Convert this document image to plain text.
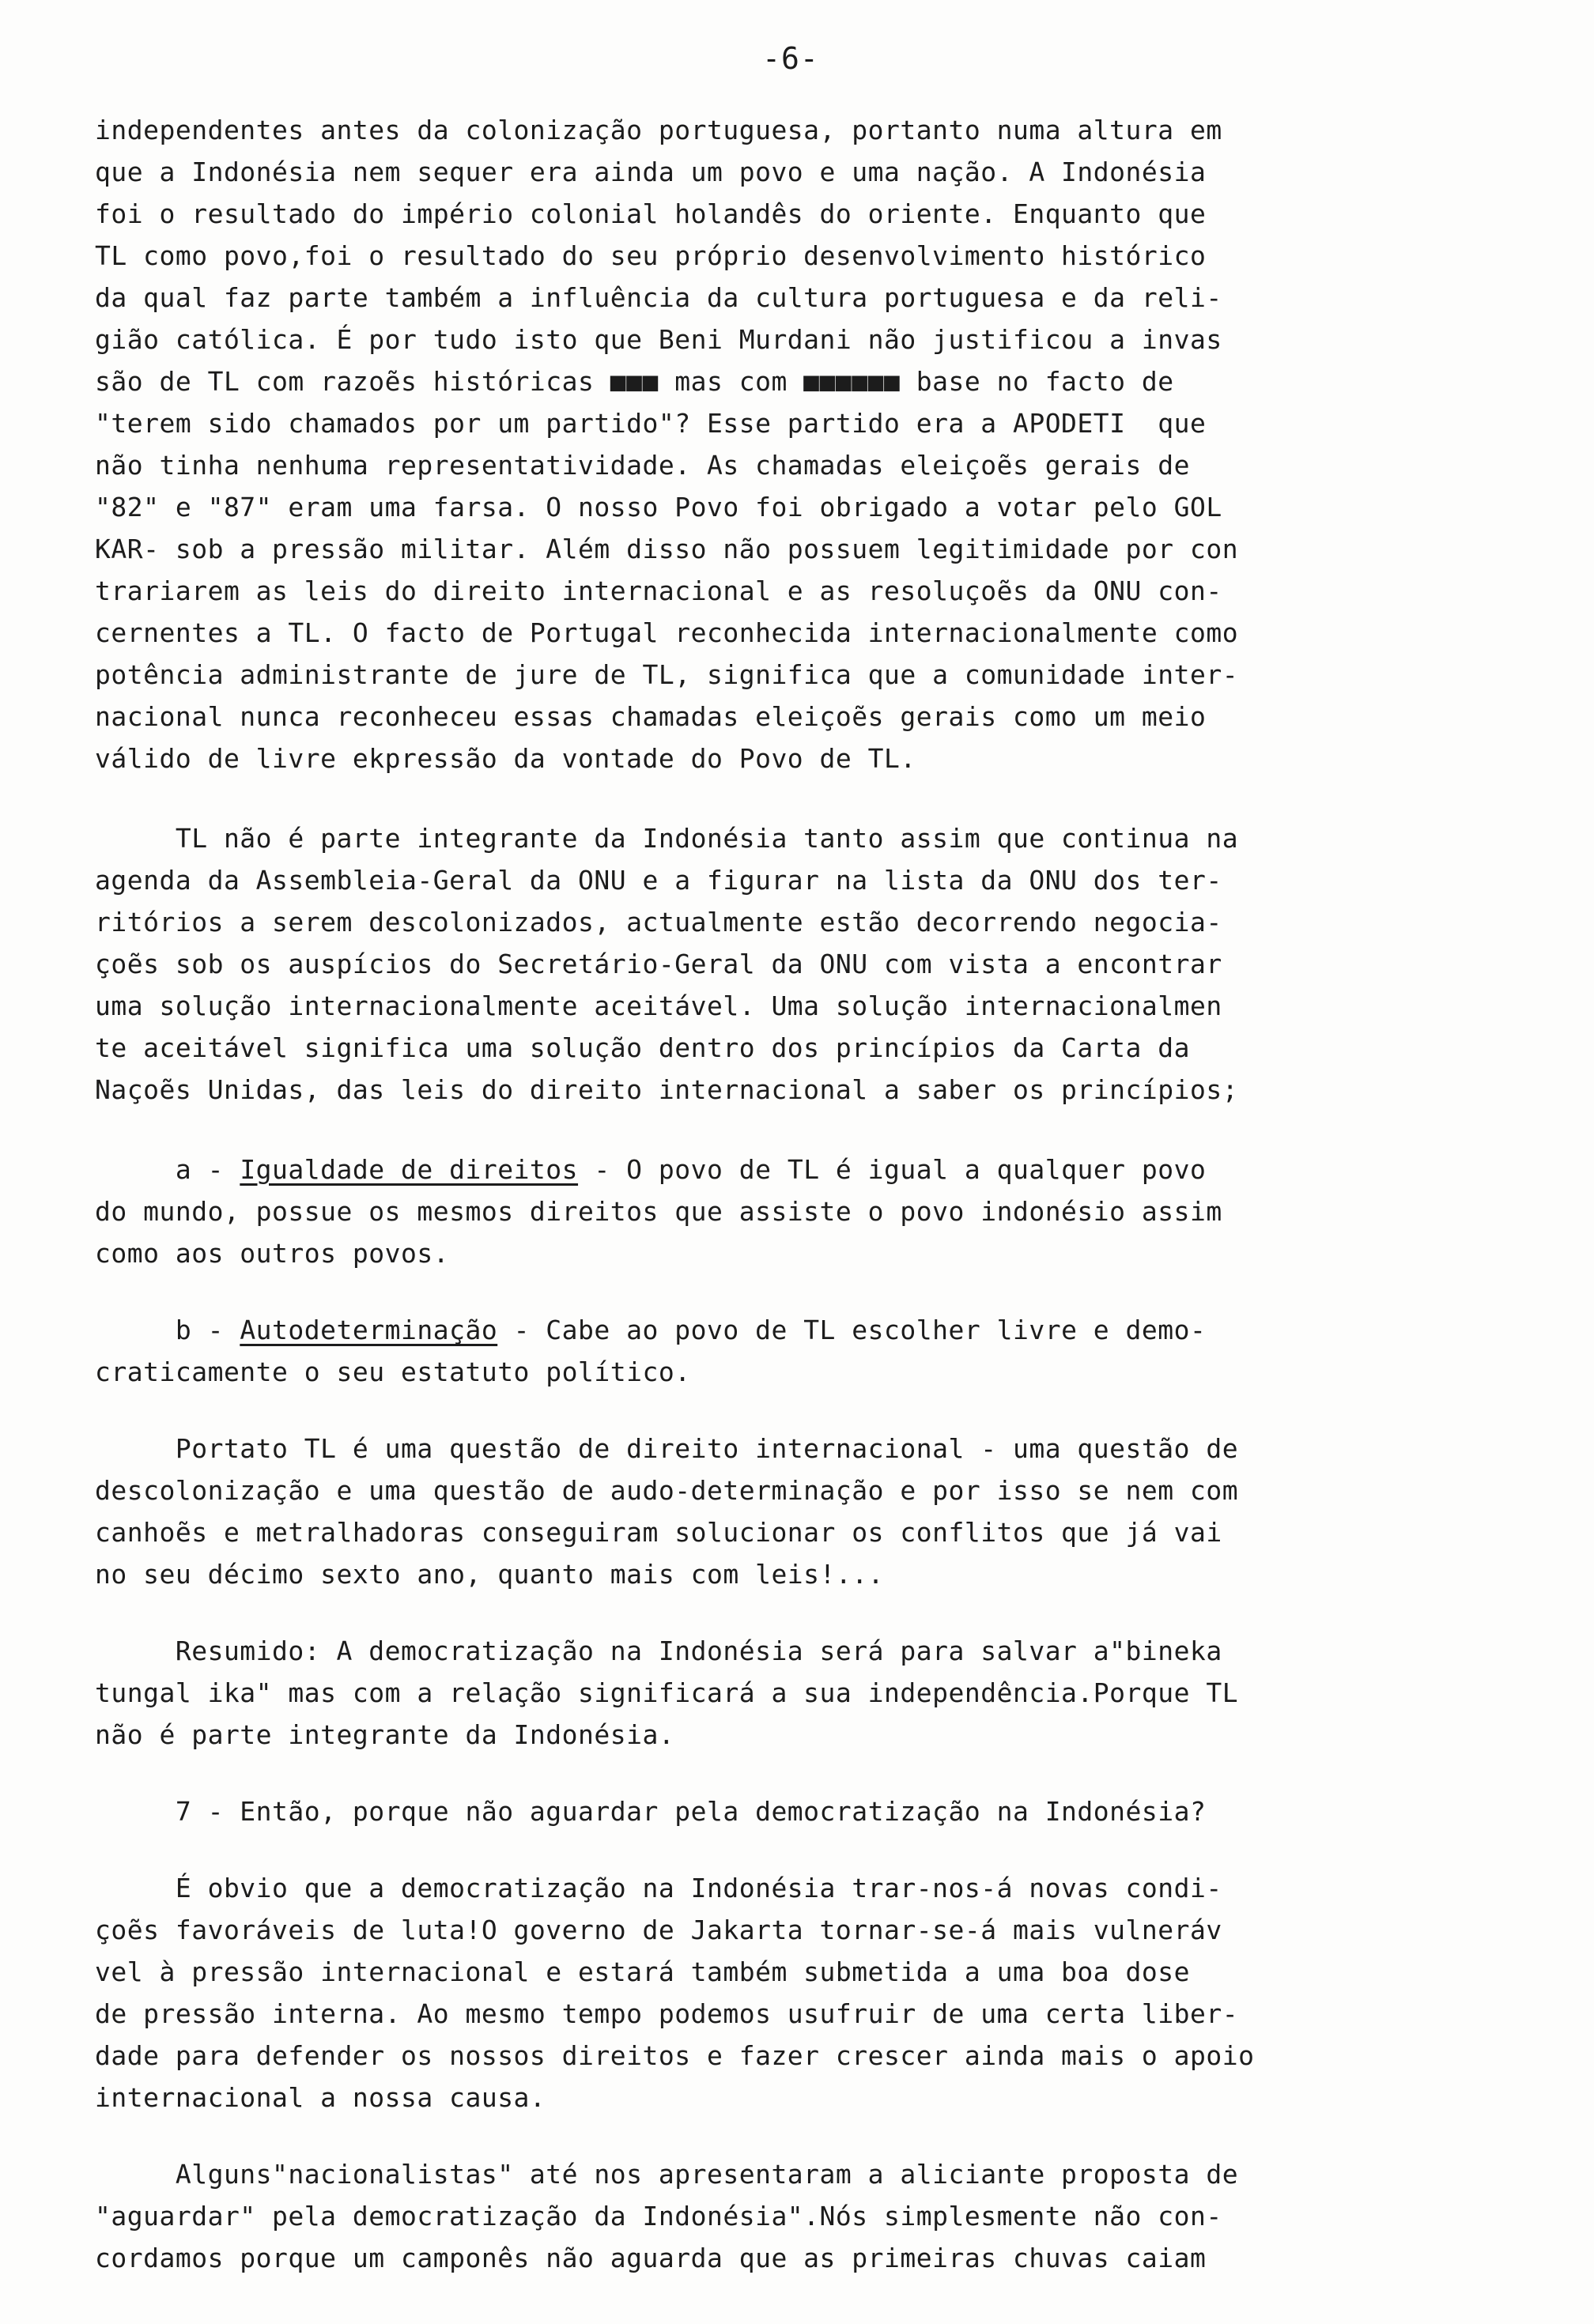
-6-
independentes antes da colonização portuguesa, portanto numa altura em
que a Indonésia nem sequer era ainda um povo e uma nação. A Indonésia
foi o resultado do império colonial holandês do oriente. Enquanto que
TL como povo,foi o resultado do seu próprio desenvolvimento histórico
da qual faz parte também a influência da cultura portuguesa e da reli-
gião católica. É por tudo isto que Beni Murdani não justificou a invas
são de TL com razoẽs históricas ■■■ mas com ■■■■■■ base no facto de
"terem sido chamados por um partido"? Esse partido era a APODETI  que
não tinha nenhuma representatividade. As chamadas eleiçoẽs gerais de
"82" e "87" eram uma farsa. O nosso Povo foi obrigado a votar pelo GOL
KAR- sob a pressão militar. Além disso não possuem legitimidade por con
trariarem as leis do direito internacional e as resoluçoẽs da ONU con-
cernentes a TL. O facto de Portugal reconhecida internacionalmente como
potência administrante de jure de TL, significa que a comunidade inter-
nacional nunca reconheceu essas chamadas eleiçoẽs gerais como um meio
válido de livre ekpressão da vontade do Povo de TL.
TL não é parte integrante da Indonésia tanto assim que continua na
agenda da Assembleia-Geral da ONU e a figurar na lista da ONU dos ter-
ritórios a serem descolonizados, actualmente estão decorrendo negocia-
çoẽs sob os auspícios do Secretário-Geral da ONU com vista a encontrar
uma solução internacionalmente aceitável. Uma solução internacionalmen
te aceitável significa uma solução dentro dos princípios da Carta da
Naçoẽs Unidas, das leis do direito internacional a saber os princípios;
a - Igualdade de direitos - O povo de TL é igual a qualquer povo
do mundo, possue os mesmos direitos que assiste o povo indonésio assim
como aos outros povos.
b - Autodeterminação - Cabe ao povo de TL escolher livre e demo-
craticamente o seu estatuto político.
Portato TL é uma questão de direito internacional - uma questão de
descolonização e uma questão de audo-determinação e por isso se nem com
canhoẽs e metralhadoras conseguiram solucionar os conflitos que já vai
no seu décimo sexto ano, quanto mais com leis!...
Resumido: A democratização na Indonésia será para salvar a"bineka
tungal ika" mas com a relação significará a sua independência.Porque TL
não é parte integrante da Indonésia.
7 - Então, porque não aguardar pela democratização na Indonésia?
É obvio que a democratização na Indonésia trar-nos-á novas condi-
çoẽs favoráveis de luta!O governo de Jakarta tornar-se-á mais vulneráv
vel à pressão internacional e estará também submetida a uma boa dose
de pressão interna. Ao mesmo tempo podemos usufruir de uma certa liber-
dade para defender os nossos direitos e fazer crescer ainda mais o apoio
internacional a nossa causa.
Alguns"nacionalistas" até nos apresentaram a aliciante proposta de
"aguardar" pela democratização da Indonésia".Nós simplesmente não con-
cordamos porque um camponês não aguarda que as primeiras chuvas caiam
